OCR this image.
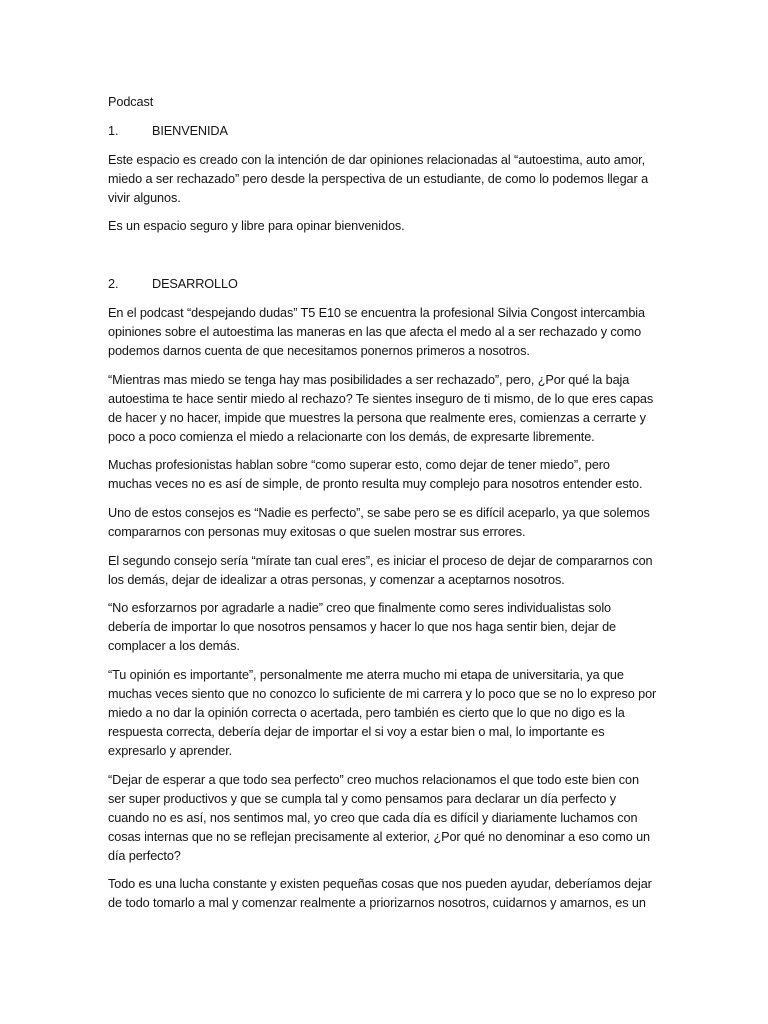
Podcast

1.	BIENVENIDA

Este espacio es creado con la intención de dar opiniones relacionadas al “autoestima, auto amor,

miedo a ser rechazado” pero desde la perspectiva de un estudiante, de como lo podemos llegar a

vivir algunos.

Es un espacio seguro y libre para opinar bienvenidos.

2.	DESARROLLO

En el podcast “despejando dudas” T5 E10 se encuentra la profesional Silvia Congost intercambia

opiniones sobre el autoestima las maneras en las que afecta el medo al a ser rechazado y como

podemos darnos cuenta de que necesitamos ponernos primeros a nosotros.

“Mientras mas miedo se tenga hay mas posibilidades a ser rechazado”, pero, ¿Por qué la baja

autoestima te hace sentir miedo al rechazo? Te sientes inseguro de ti mismo, de lo que eres capas

de hacer y no hacer, impide que muestres la persona que realmente eres, comienzas a cerrarte y

poco a poco comienza el miedo a relacionarte con los demás, de expresarte libremente.

Muchas profesionistas hablan sobre “como superar esto, como dejar de tener miedo”, pero

muchas veces no es así de simple, de pronto resulta muy complejo para nosotros entender esto.

Uno de estos consejos es “Nadie es perfecto”, se sabe pero se es difícil aceparlo, ya que solemos

compararnos con personas muy exitosas o que suelen mostrar sus errores.

El segundo consejo sería “mírate tan cual eres”, es iniciar el proceso de dejar de compararnos con

los demás, dejar de idealizar a otras personas, y comenzar a aceptarnos nosotros.

“No esforzarnos por agradarle a nadie” creo que finalmente como seres individualistas solo

debería de importar lo que nosotros pensamos y hacer lo que nos haga sentir bien, dejar de

complacer a los demás.

“Tu opinión es importante”, personalmente me aterra mucho mi etapa de universitaria, ya que

muchas veces siento que no conozco lo suficiente de mi carrera y lo poco que se no lo expreso por

miedo a no dar la opinión correcta o acertada, pero también es cierto que lo que no digo es la

respuesta correcta, debería dejar de importar el si voy a estar bien o mal, lo importante es

expresarlo y aprender.

“Dejar de esperar a que todo sea perfecto” creo muchos relacionamos el que todo este bien con

ser super productivos y que se cumpla tal y como pensamos para declarar un día perfecto y

cuando no es así, nos sentimos mal, yo creo que cada día es difícil y diariamente luchamos con

cosas internas que no se reflejan precisamente al exterior, ¿Por qué no denominar a eso como un

día perfecto?

Todo es una lucha constante y existen pequeñas cosas que nos pueden ayudar, deberíamos dejar

de todo tomarlo a mal y comenzar realmente a priorizarnos nosotros, cuidarnos y amarnos, es un
